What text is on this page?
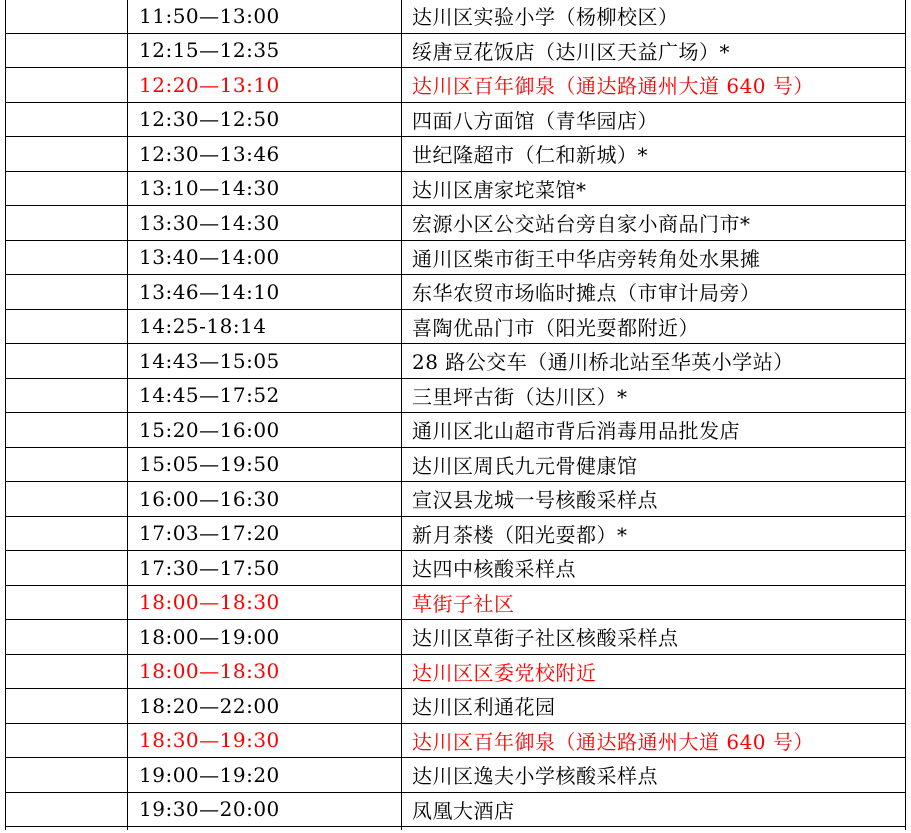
	11:50—13:00	达川区实验小学（杨柳校区）
	12:15—12:35	绥唐豆花饭店（达川区天益广场）*
	12:20—13:10	达川区百年御泉（通达路通州大道 640 号）
	12:30—12:50	四面八方面馆（青华园店）
	12:30—13:46	世纪隆超市（仁和新城）*
	13:10—14:30	达川区唐家坨菜馆*
	13:30—14:30	宏源小区公交站台旁自家小商品门市*
	13:40—14:00	通川区柴市街王中华店旁转角处水果摊
	13:46—14:10	东华农贸市场临时摊点（市审计局旁）
	14:25-18:14	喜陶优品门市（阳光耍都附近）
	14:43—15:05	28 路公交车（通川桥北站至华英小学站）
	14:45—17:52	三里坪古街（达川区）*
	15:20—16:00	通川区北山超市背后消毒用品批发店
	15:05—19:50	达川区周氏九元骨健康馆
	16:00—16:30	宣汉县龙城一号核酸采样点
	17:03—17:20	新月茶楼（阳光耍都）*
	17:30—17:50	达四中核酸采样点
	18:00—18:30	草街子社区
	18:00—19:00	达川区草街子社区核酸采样点
	18:00—18:30	达川区区委党校附近
	18:20—22:00	达川区利通花园
	18:30—19:30	达川区百年御泉（通达路通州大道 640 号）
	19:00—19:20	达川区逸夫小学核酸采样点
	19:30—20:00	凤凰大酒店
